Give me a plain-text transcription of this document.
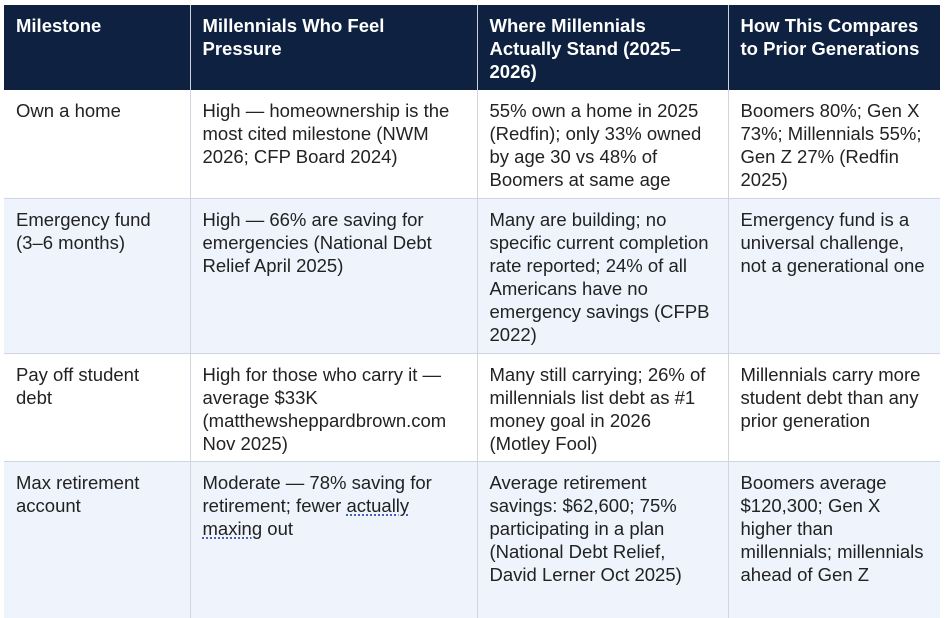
Milestone	Millennials Who Feel Pressure	Where Millennials Actually Stand (2025–2026)	How This Compares to Prior Generations
Own a home	High — homeownership is the most cited milestone (NWM 2026; CFP Board 2024)	55% own a home in 2025 (Redfin); only 33% owned by age 30 vs 48% of Boomers at same age	Boomers 80%; Gen X 73%; Millennials 55%; Gen Z 27% (Redfin 2025)
Emergency fund (3–6 months)	High — 66% are saving for emergencies (National Debt Relief April 2025)	Many are building; no specific current completion rate reported; 24% of all Americans have no emergency savings (CFPB 2022)	Emergency fund is a universal challenge, not a generational one
Pay off student debt	High for those who carry it — average $33K (matthewsheppardbrown.com Nov 2025)	Many still carrying; 26% of millennials list debt as #1 money goal in 2026 (Motley Fool)	Millennials carry more student debt than any prior generation
Max retirement account	Moderate — 78% saving for retirement; fewer actually maxing out	Average retirement savings: $62,600; 75% participating in a plan (National Debt Relief, David Lerner Oct 2025)	Boomers average $120,300; Gen X higher than millennials; millennials ahead of Gen Z
